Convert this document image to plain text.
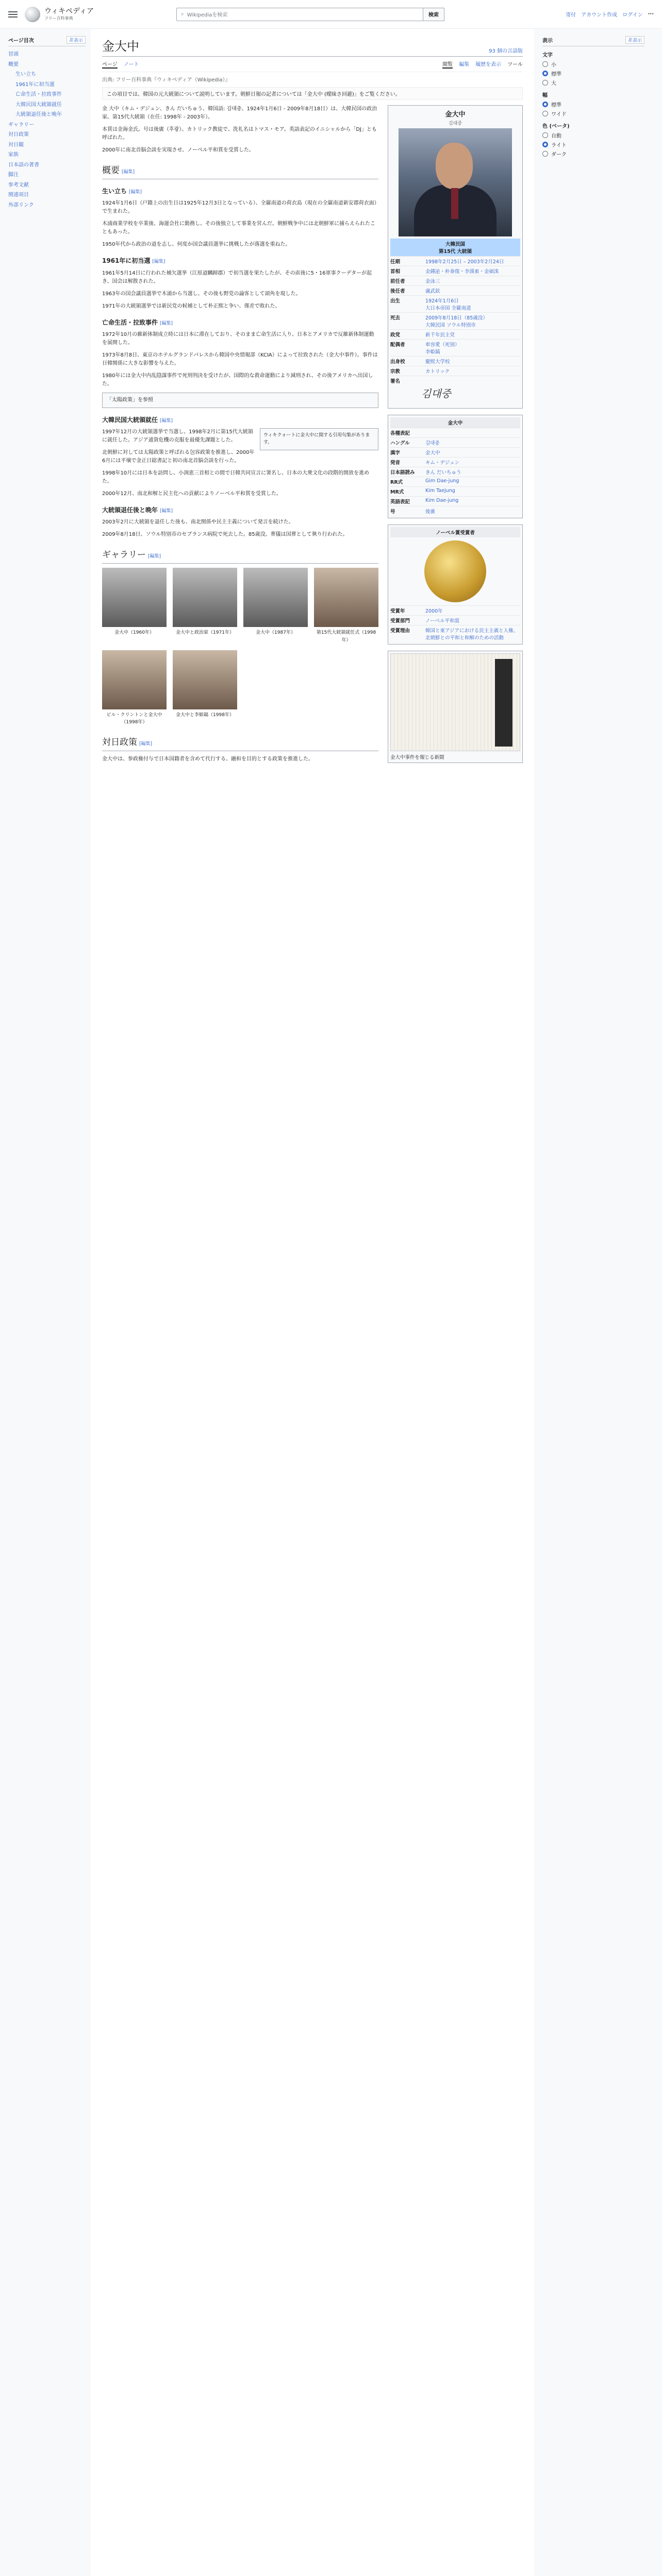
ウィキペディア
フリー百科事典
⌕ Wikipediaを検索	検索	寄付 アカウント作成 ログイン ···
ページ目次	非表示
冒頭
概要
生い立ち
1961年に初当選
亡命生活・拉致事件
大韓民国大統領就任
大統領退任後と晩年
ギャラリー
対日政策
対日観
家族
日本語の著書
脚注
参考文献
関連項目
外部リンク
金大中	93 個の言語版
ページ ノート	閲覧 編集 履歴を表示 ツール
出典: フリー百科事典『ウィキペディア（Wikipedia）』
この項目では、韓国の元大統領について説明しています。朝鮮日報の記者については「金大中 (曖昧さ回避)」をご覧ください。

金 大中（キム・デジュン、きん だいちゅう、韓国語: 김대중、1924年1月6日 - 2009年8月18日）は、大韓民国の政治家。第15代大統領（在任: 1998年 - 2003年）。

本貫は金海金氏。号は後廣（후광）。カトリック教徒で、洗礼名はトマス・モア。英語表記のイニシャルから「DJ」とも呼ばれた。

2000年に南北首脳会談を実現させ、ノーベル平和賞を受賞した。

概要 [編集]
生い立ち [編集]

1924年1月6日（戸籍上の出生日は1925年12月3日となっている）、全羅南道の荷衣島（現在の全羅南道新安郡荷衣面）で生まれた。

木浦商業学校を卒業後、海運会社に勤務し、その後独立して事業を営んだ。朝鮮戦争中には北朝鮮軍に捕らえられたこともあった。

1950年代から政治の道を志し、何度か国会議員選挙に挑戦したが落選を重ねた。

1961年に初当選 [編集]

1961年5月14日に行われた補欠選挙（江原道麟蹄郡）で初当選を果たしたが、その直後に5・16軍事クーデターが起き、国会は解散された。

1963年の国会議員選挙で木浦から当選し、その後も野党の論客として頭角を現した。

1971年の大統領選挙では新民党の候補として朴正煕と争い、僅差で敗れた。

亡命生活・拉致事件 [編集]

1972年10月の維新体制成立時には日本に滞在しており、そのまま亡命生活に入り、日本とアメリカで反維新体制運動を展開した。

1973年8月8日、東京のホテルグランドパレスから韓国中央情報部（KCIA）によって拉致された（金大中事件）。事件は日韓関係に大きな影響を与えた。

1980年には金大中内乱陰謀事件で死刑判決を受けたが、国際的な救命運動により減刑され、その後アメリカへ出国した。

「太陽政策」を参照
大韓民国大統領就任 [編集]
ウィキクォートに金大中に関する引用句集があります。

1997年12月の大統領選挙で当選し、1998年2月に第15代大統領に就任した。アジア通貨危機の克服を最優先課題とした。

北朝鮮に対しては太陽政策と呼ばれる包容政策を推進し、2000年6月には平壌で金正日総書記と初の南北首脳会談を行った。

1998年10月には日本を訪問し、小渕恵三首相との間で日韓共同宣言に署名し、日本の大衆文化の段階的開放を進めた。

2000年12月、南北和解と民主化への貢献によりノーベル平和賞を受賞した。

大統領退任後と晩年 [編集]

2003年2月に大統領を退任した後も、南北関係や民主主義について発言を続けた。

2009年8月18日、ソウル特別市のセブランス病院で死去した。85歳没。葬儀は国葬として執り行われた。

ギャラリー [編集]
金大中（1960年）	金大中と政治家（1971年）	金大中（1987年）	第15代大統領就任式（1998年）
ビル・クリントンと金大中（1998年）
金大中と李姫鎬（1998年）
対日政策 [編集]

金大中は、参政権付与で日本国籍者を含めて代行する、融和を目的とする政策を推進した。

金大中
김대중
大韓民国
第15代 大統領
任期	1998年2月25日 – 2003年2月24日
首相	金鍾泌・朴泰俊・李漢東・金碩洙
前任者	金泳三
後任者	盧武鉉
出生	1924年1月6日
大日本帝国 全羅南道
死去	2009年8月18日（85歳没）
大韓民国 ソウル特別市
政党	新千年民主党
配偶者	車容愛（死別）
李姫鎬
出身校	慶熙大学校
宗教	カトリック
署名
김대중
金大中
各種表記
ハングル	김대중
漢字	金大中
発音	キム・デジュン
日本語読み	きん だいちゅう
RR式	Gim Dae-jung
MR式	Kim Taejung
英語表記	Kim Dae-jung
号	後廣
ノーベル賞受賞者
受賞年	2000年
受賞部門	ノーベル平和賞
受賞理由	韓国と東アジアにおける民主主義と人権、北朝鮮との平和と和解のための活動
金大中事件を報じる新聞
表示	非表示
文字
小
標準
大
幅
標準
ワイド
色 (ベータ)
自動
ライト
ダーク
